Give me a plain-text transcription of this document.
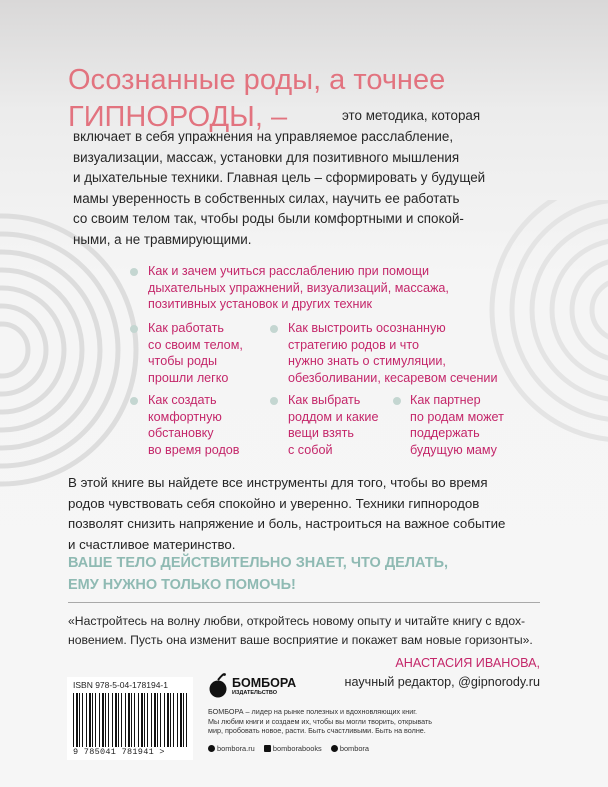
Осознанные роды, а точнее
ГИПНОРОДЫ, –	это методика, которая
включает в себя упражнения на управляемое расслабление,
визуализации, массаж, установки для позитивного мышления
и дыхательные техники. Главная цель – сформировать у будущей
мамы уверенность в собственных силах, научить ее работать
со своим телом так, чтобы роды были комфортными и спокой-
ными, а не травмирующими.
Как и зачем учиться расслаблению при помощи
дыхательных упражнений, визуализаций, массажа,
позитивных установок и других техник
Как работать
со своим телом,
чтобы роды
прошли легко
Как выстроить осознанную
стратегию родов и что
нужно знать о стимуляции,
обезболивании, кесаревом сечении
Как создать
комфортную
обстановку
во время родов
Как выбрать
роддом и какие
вещи взять
с собой
Как партнер
по родам может
поддержать
будущую маму
В этой книге вы найдете все инструменты для того, чтобы во время
родов чувствовать себя спокойно и уверенно. Техники гипнородов
позволят снизить напряжение и боль, настроиться на важное событие
и счастливое материнство.
ВАШЕ ТЕЛО ДЕЙСТВИТЕЛЬНО ЗНАЕТ, ЧТО ДЕЛАТЬ,
ЕМУ НУЖНО ТОЛЬКО ПОМОЧЬ!
«Настройтесь на волну любви, откройтесь новому опыту и читайте книгу с вдох-
новением. Пусть она изменит ваше восприятие и покажет вам новые горизонты».
АНАСТАСИЯ ИВАНОВА,
научный редактор, @gipnorody.ru
ISBN 978-5-04-178194-1
9 785041 781941 >
БОМБОРА
ИЗДАТЕЛЬСТВО
БОМБОРА – лидер на рынке полезных и вдохновляющих книг.
Мы любим книги и создаем их, чтобы вы могли творить, открывать
мир, пробовать новое, расти. Быть счастливыми. Быть на волне.
bombora.ru bomborabooks bombora
